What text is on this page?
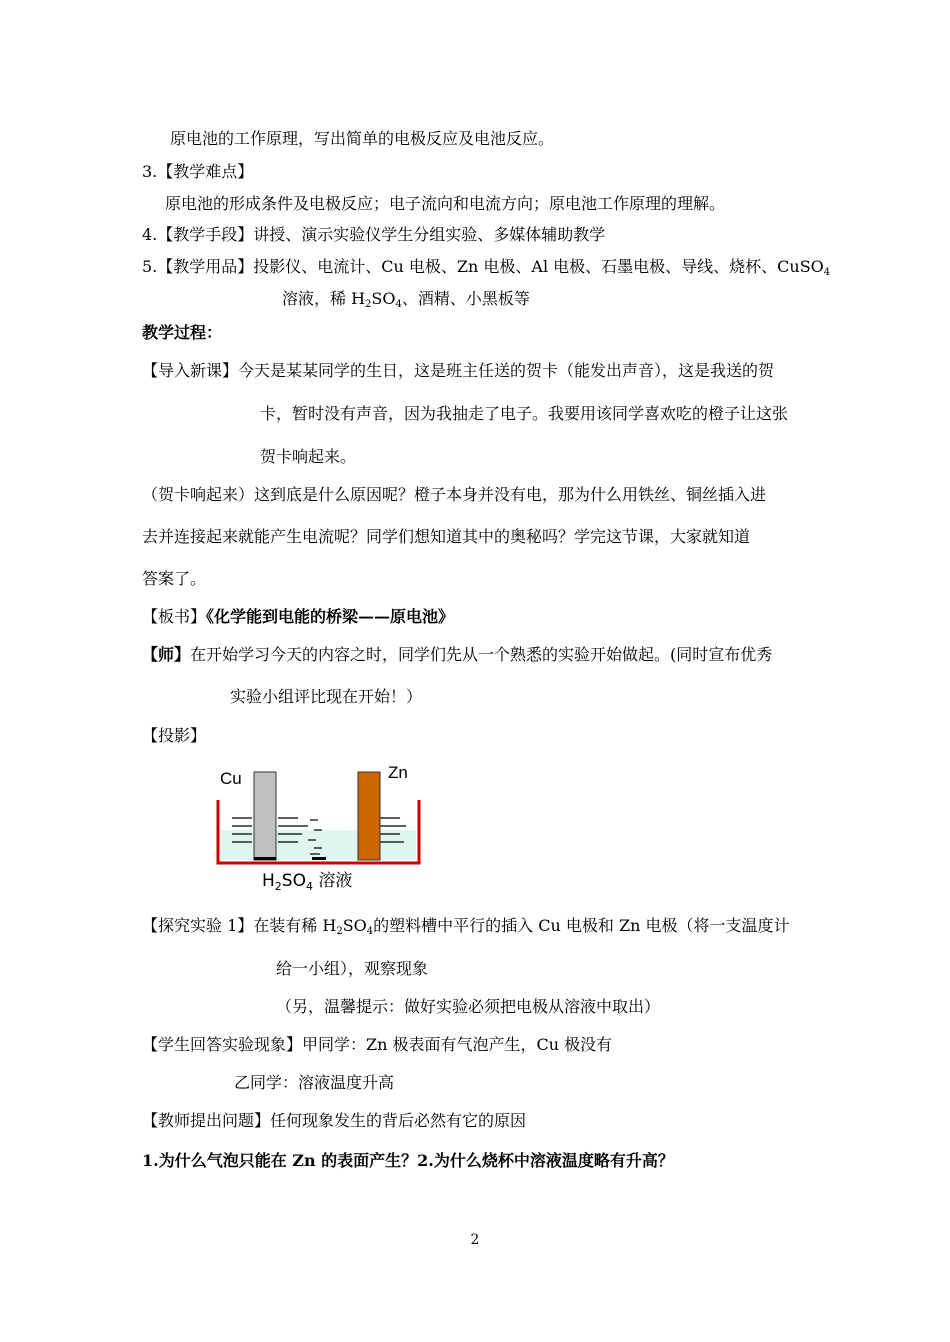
原电池的工作原理，写出简单的电极反应及电池反应。
3.【教学难点】
原电池的形成条件及电极反应；电子流向和电流方向；原电池工作原理的理解。
4.【教学手段】讲授、演示实验仪学生分组实验、多媒体辅助教学
5.【教学用品】投影仪、电流计、Cu 电极、Zn 电极、Al 电极、石墨电极、导线、烧杯、CuSO$_4$
溶液，稀 $H_2SO_4$、酒精、小黑板等
教学过程：
【导入新课】今天是某某同学的生日，这是班主任送的贺卡（能发出声音），这是我送的贺
卡，暂时没有声音，因为我抽走了电子。我要用该同学喜欢吃的橙子让这张
贺卡响起来。
（贺卡响起来）这到底是什么原因呢？橙子本身并没有电，那为什么用铁丝、铜丝插入进
去并连接起来就能产生电流呢？同学们想知道其中的奥秘吗？学完这节课，大家就知道
答案了。
【板书】《化学能到电能的桥梁——原电池》
【师】在开始学习今天的内容之时，同学们先从一个熟悉的实验开始做起。(同时宣布优秀
实验小组评比现在开始！）
【投影】
Cu	Zn
$H_2SO_4$ 溶液
【探究实验 1】在装有稀 $H_2SO_4$的塑料槽中平行的插入 Cu 电极和 Zn 电极（将一支温度计
给一小组），观察现象
（另，温馨提示：做好实验必须把电极从溶液中取出）
【学生回答实验现象】甲同学：Zn 极表面有气泡产生，Cu 极没有
乙同学：溶液温度升高
【教师提出问题】任何现象发生的背后必然有它的原因
1.为什么气泡只能在 Zn 的表面产生？2.为什么烧杯中溶液温度略有升高？
2
